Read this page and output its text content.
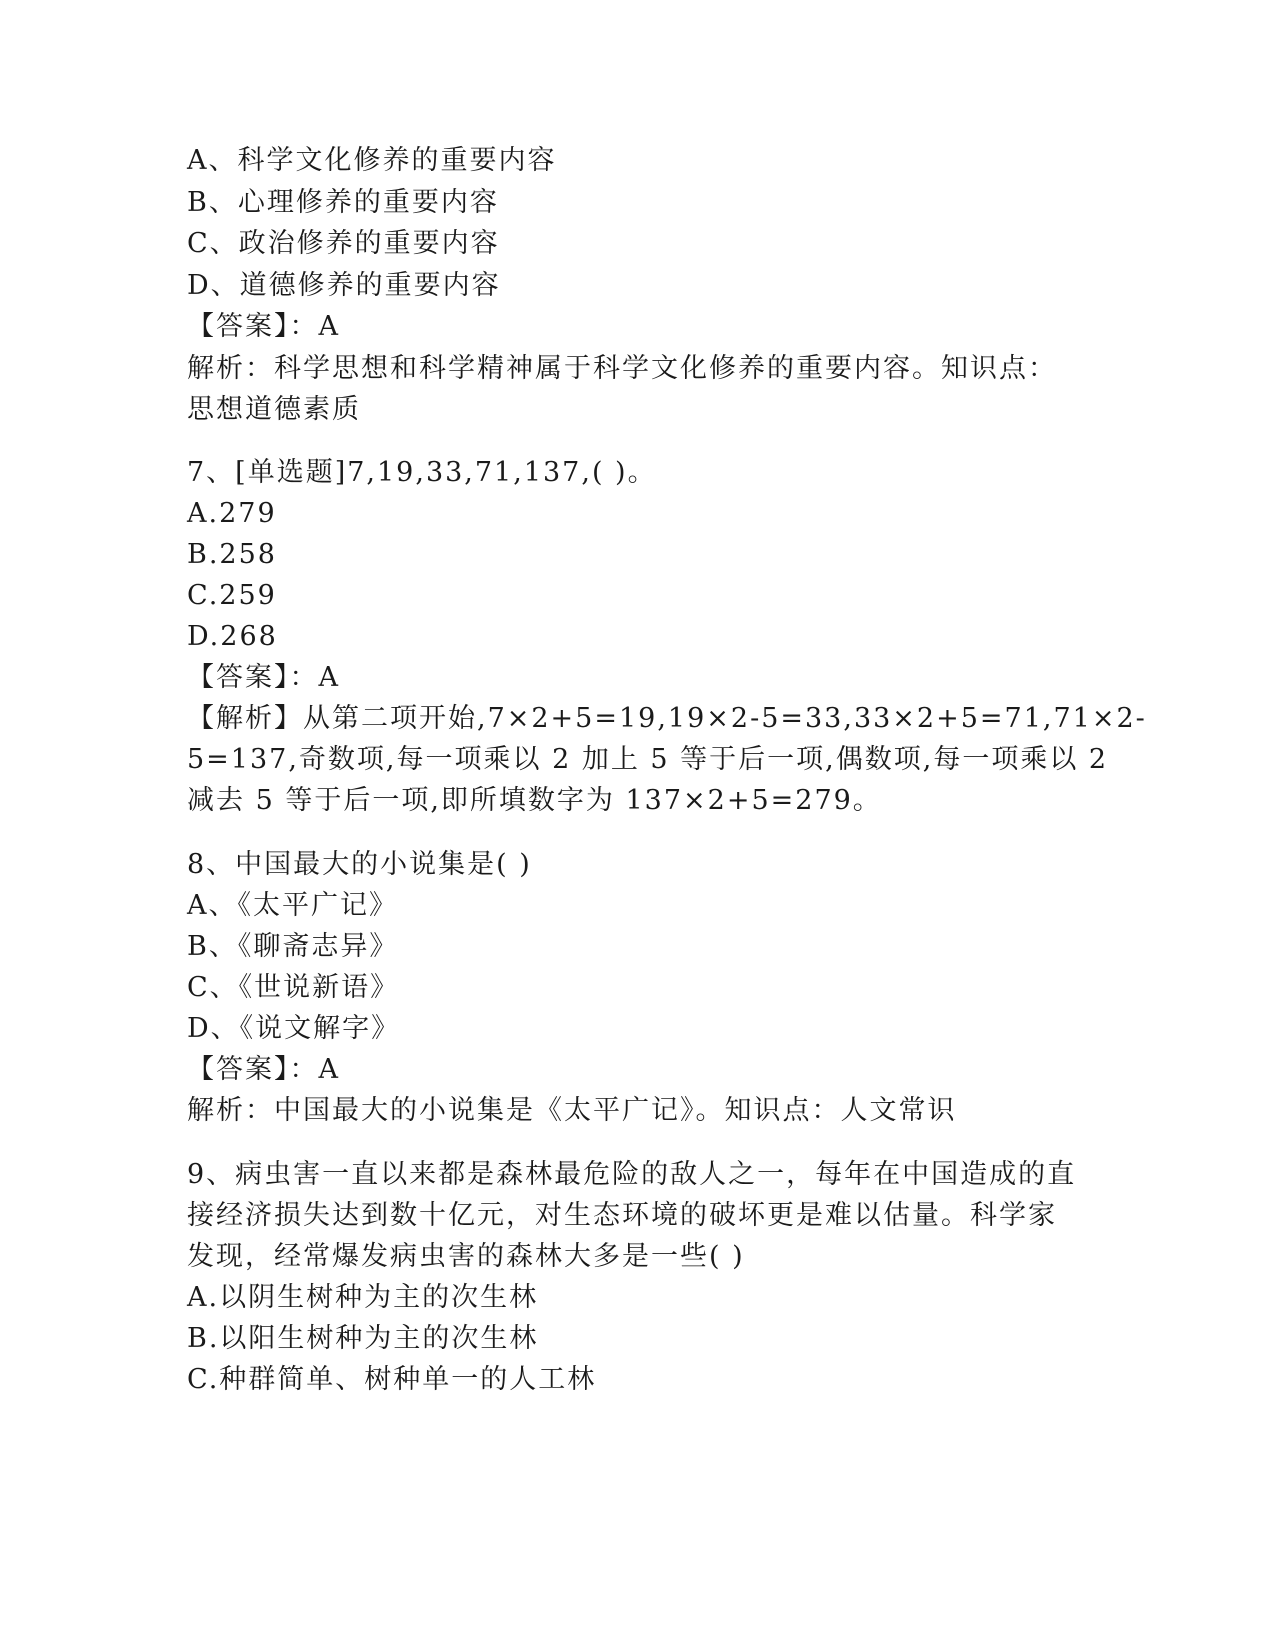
A、科学文化修养的重要内容
B、心理修养的重要内容
C、政治修养的重要内容
D、道德修养的重要内容
【答案】：A
解析：科学思想和科学精神属于科学文化修养的重要内容。知识点：
思想道德素质
7、[单选题]7,19,33,71,137,( )。
A.279
B.258
C.259
D.268
【答案】：A
【解析】从第二项开始,7×2+5=19,19×2-5=33,33×2+5=71,71×2-
5=137,奇数项,每一项乘以 2 加上 5 等于后一项,偶数项,每一项乘以 2
减去 5 等于后一项,即所填数字为 137×2+5=279。
8、中国最大的小说集是( )
A、《太平广记》
B、《聊斋志异》
C、《世说新语》
D、《说文解字》
【答案】：A
解析：中国最大的小说集是《太平广记》。知识点：人文常识
9、病虫害一直以来都是森林最危险的敌人之一，每年在中国造成的直
接经济损失达到数十亿元，对生态环境的破坏更是难以估量。科学家
发现，经常爆发病虫害的森林大多是一些( )
A.以阴生树种为主的次生林
B.以阳生树种为主的次生林
C.种群简单、树种单一的人工林
